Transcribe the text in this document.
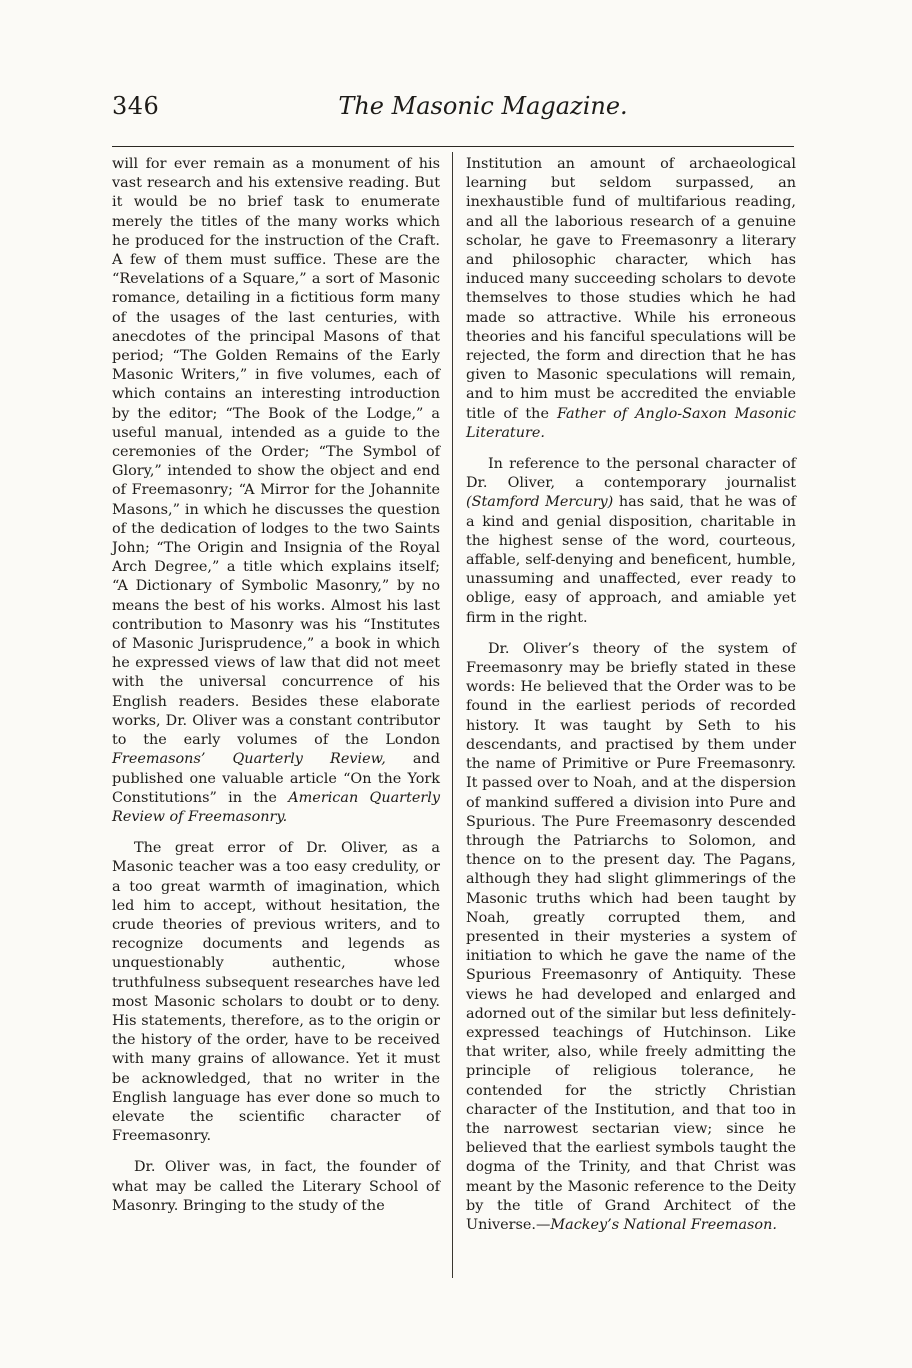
346	The Masonic Magazine.

will for ever remain as a monument of his vast research and his extensive reading. But it would be no brief task to enumerate merely the titles of the many works which he produced for the instruction of the Craft. A few of them must suffice. These are the “Revelations of a Square,” a sort of Masonic romance, detailing in a fictitious form many of the usages of the last centuries, with anecdotes of the principal Masons of that period; “The Golden Remains of the Early Masonic Writers,” in five volumes, each of which contains an interesting introduction by the editor; “The Book of the Lodge,” a useful manual, intended as a guide to the ceremonies of the Order; “The Symbol of Glory,” intended to show the object and end of Freemasonry; “A Mirror for the Johannite Masons,” in which he discusses the question of the dedication of lodges to the two Saints John; “The Origin and Insignia of the Royal Arch Degree,” a title which explains itself; “A Dictionary of Symbolic Masonry,” by no means the best of his works. Almost his last contribution to Masonry was his “Institutes of Masonic Jurisprudence,” a book in which he expressed views of law that did not meet with the universal concurrence of his English readers. Besides these elaborate works, Dr. Oliver was a constant contributor to the early volumes of the London Freemasons’ Quarterly Review, and published one valuable article “On the York Constitutions” in the American Quarterly Review of Freemasonry.

The great error of Dr. Oliver, as a Masonic teacher was a too easy credulity, or a too great warmth of imagination, which led him to accept, without hesitation, the crude theories of previous writers, and to recognize documents and legends as unquestionably authentic, whose truthfulness subsequent researches have led most Masonic scholars to doubt or to deny. His statements, therefore, as to the origin or the history of the order, have to be received with many grains of allowance. Yet it must be acknowledged, that no writer in the English language has ever done so much to elevate the scientific character of Freemasonry.

Dr. Oliver was, in fact, the founder of what may be called the Literary School of Masonry. Bringing to the study of the

Institution an amount of archaeological learning but seldom surpassed, an inexhaustible fund of multifarious reading, and all the laborious research of a genuine scholar, he gave to Freemasonry a literary and philosophic character, which has induced many succeeding scholars to devote themselves to those studies which he had made so attractive. While his erroneous theories and his fanciful speculations will be rejected, the form and direction that he has given to Masonic speculations will remain, and to him must be accredited the enviable title of the Father of Anglo-Saxon Masonic Literature.

In reference to the personal character of Dr. Oliver, a contemporary journalist (Stamford Mercury) has said, that he was of a kind and genial disposition, charitable in the highest sense of the word, courteous, affable, self-denying and beneficent, humble, unassuming and unaffected, ever ready to oblige, easy of approach, and amiable yet firm in the right.

Dr. Oliver’s theory of the system of Freemasonry may be briefly stated in these words: He believed that the Order was to be found in the earliest periods of recorded history. It was taught by Seth to his descendants, and practised by them under the name of Primitive or Pure Freemasonry. It passed over to Noah, and at the dispersion of mankind suffered a division into Pure and Spurious. The Pure Freemasonry descended through the Patriarchs to Solomon, and thence on to the present day. The Pagans, although they had slight glimmerings of the Masonic truths which had been taught by Noah, greatly corrupted them, and presented in their mysteries a system of initiation to which he gave the name of the Spurious Freemasonry of Antiquity. These views he had developed and enlarged and adorned out of the similar but less definitely-expressed teachings of Hutchinson. Like that writer, also, while freely admitting the principle of religious tolerance, he contended for the strictly Christian character of the Institution, and that too in the narrowest sectarian view; since he believed that the earliest symbols taught the dogma of the Trinity, and that Christ was meant by the Masonic reference to the Deity by the title of Grand Architect of the Universe.—Mackey’s National Freemason.
